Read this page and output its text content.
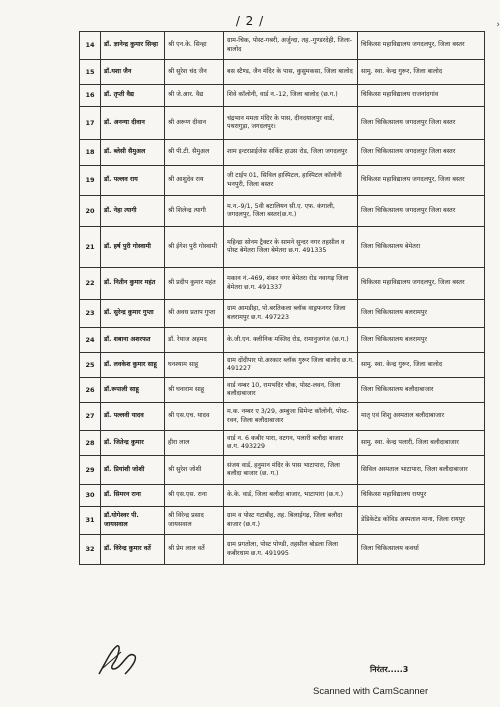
/ 2 /	›
14	डॉ. ज्ञानेन्द्र कुमार सिन्हा	श्री एन.के. सिन्हा	ग्राम-चिक, पोस्ट-गबरी, अर्जुन्दा, तह.-गुण्डरदेही, जिला-बालोद	चिकित्सा महाविद्यालय जगदलपुर, जिला बस्तर
15	डॉ.यशा जैन	श्री सुरेश चंद जैन	बस स्टैण्ड, जैन मंदिर के पास, कुसुमकसा, जिला बालोद	सामु. स्वा. केन्द्र गुरूर, जिला बालोद
16	डॉ. तृप्ती वैद्य	श्री जे.आर. वैद्य	शिवे कॉलोनी, वार्ड न.-12, जिला बालोद (छ.ग.)	चिकित्सा महाविद्यालय राजनांदगांव
17	डॉ. अनन्या दीवान	श्री अरूण दीवान	चंद्रभान ममता मंदिर के पास, दीनदयालपुर वार्ड, पथरागुड़ा, जगदलपुर।	जिला चिकित्सालय जगदलपुर जिला बस्तर
18	डॉ. ब्लेसी सैमुअल	श्री पी.टी. सैमुअल	शाम इन्टरप्राईजेस सर्किट हाउस रोड, जिला जगदलपुर	जिला चिकित्सालय जगदलपुर जिला बस्तर
19	डॉ. पल्लव राय	श्री आशुदेव राय	जी टाईप 01, सिविल हास्पिटल, हास्पिटल कॉलोनी भनपुरी, जिला बस्तर	चिकित्सा महाविद्यालय जगदलपुर, जिला बस्तर
20	डॉ. नेहा त्यागी	श्री शिलेन्द्र त्यागी	म.न.-9/1, 5वी बटालियन सी.ए. एफ. कंगाली, जगदलपुर, जिला बस्तर(छ.ग.)	जिला चिकित्सालय जगदलपुर जिला बस्तर
21	डॉ. हर्ष पुरी गोस्वामी	श्री ईगेश पुरी गोस्वामी	महिन्द्रा सोनम ट्रैक्टर के सामने सुन्दर नगर तहसील व पोस्ट बेमेतरा जिला बेमेतरा छ.ग. 491335	जिला चिकित्सालय बेमेतरा
22	डॉ. नितीन कुमार महंत	श्री प्रदीप कुमार महंत	मकान नं.-469, शंकर नगर बेमेतरा रोड नवागढ़ जिला बेमेतरा छ.ग. 491337	चिकित्सा महाविद्यालय जगदलपुर, जिला बस्तर
23	डॉ. सुरेन्द्र कुमार गुप्ता	श्री अवध प्रताप गुप्ता	ग्राम आमडीहा, पो.बरतिकला ब्लॉक वाड्रफनगर जिला बलरामपुर छ.ग. 497223	जिला चिकित्सालय बलरामपुर
24	डॉ. शबाना अशरफत	डॉ. रेयाज अहमद	के.जी.एन. क्लीनिक मस्जिद रोड, रामानुजगंज (छ.ग.)	जिला चिकित्सालय बलरामपुर
25	डॉ. लवकेश कुमार साहू	घनश्याम साहू	ग्राम दोंदीपार पो.अरकार ब्लॉक गुरूर जिला बालोद छ.ग. 491227	सामु. स्वा. केन्द्र गुरूर, जिला बालोद
26	डॉ.रूपाली साहू	श्री घनाराम साहू	वार्ड नम्बर 10, रामभदिर चौक, पोस्ट-लवन, जिला बलौदाबाजार	जिला चिकित्सालय बलौदाबाजार
27	डॉ. पल्लवी यादव	श्री एस.एच. यादव	म.क. नम्बर ए 3/29, अम्बुजा सिमेन्ट कॉलोनी, पोस्ट-रवन, जिला बलौदाबाजार	मातृ एवं शिशु अस्पताल बलौदाबाजार
28	डॉ. जितेन्द्र कुमार	हीरा लाल	वार्ड न. 6 कबीर पारा, वटगन, पलारी बलौदा बाजार छ.ग. 493229	सामु. स्वा. केन्द्र पलारी, जिला बलौदाबाजार
29	डॉ. प्रियांशी जोशी	श्री सुरेश जोशी	संजय वार्ड, हनुमान मंदिर के पास भाटापारा, जिला बलौदा बाजार (छ. ग.)	सिविल अस्पताल भाटापारा, जिला बलौदाबाजार
30	डॉ. सिमरन राना	श्री एस.एस. राना	के.के. वार्ड, जिला बलौदा बाजार, भाटापारा (छ.ग.)	चिकित्सा महाविद्यालय रायपुर
31	डॉ.योगेश्वर पी. जायसवाल	श्री विरेन्द्र प्रसाद जायसवाल	ग्राम व पोस्ट गटाबीह, तह. बिलाईगढ़, जिला बलौदा बाजार (छ.ग.)	डेडिकेटेड कोविड अस्पताल माना, जिला रायपुर
32	डॉ. विरेन्द्र कुमार वर्ते	श्री प्रेम लाल वर्ते	ग्राम प्रगतोला, पोस्ट पोण्डी, तहसील बोडला जिला कबीरधाम छ.ग. 491995	जिला चिकित्सालय कवर्धा
निरंतर.....3
Scanned with CamScanner
